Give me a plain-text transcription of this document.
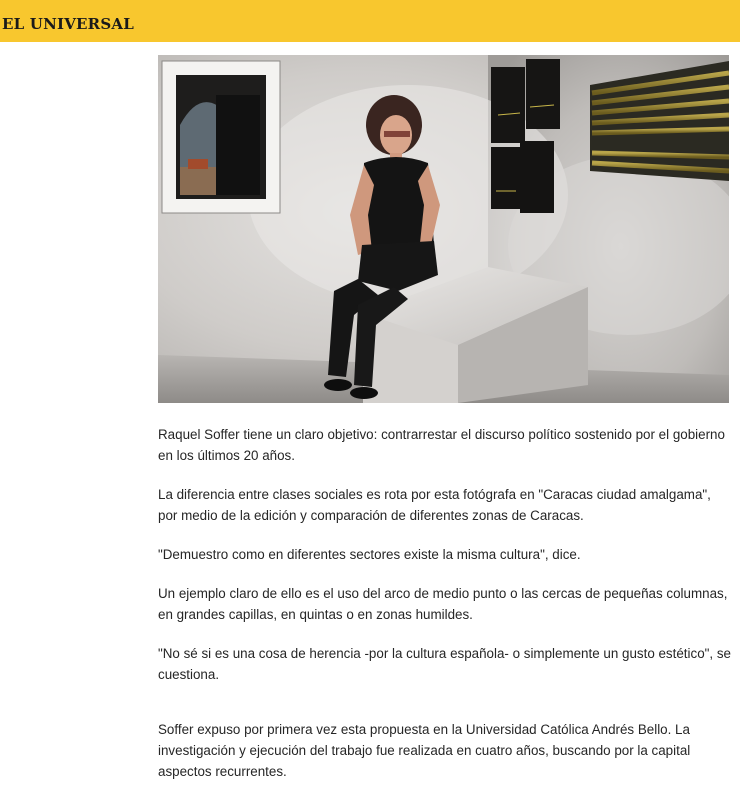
EL UNIVERSAL

Raquel Soffer tiene un claro objetivo: contrarrestar el discurso político sostenido por el gobierno en los últimos 20 años.

La diferencia entre clases sociales es rota por esta fotógrafa en "Caracas ciudad amalgama", por medio de la edición y comparación de diferentes zonas de Caracas.

"Demuestro como en diferentes sectores existe la misma cultura", dice.

Un ejemplo claro de ello es el uso del arco de medio punto o las cercas de pequeñas columnas, en grandes capillas, en quintas o en zonas humildes.

"No sé si es una cosa de herencia -por la cultura española- o simplemente un gusto estético", se cuestiona.

Soffer expuso por primera vez esta propuesta en la Universidad Católica Andrés Bello. La investigación y ejecución del trabajo fue realizada en cuatro años, buscando por la capital aspectos recurrentes.
